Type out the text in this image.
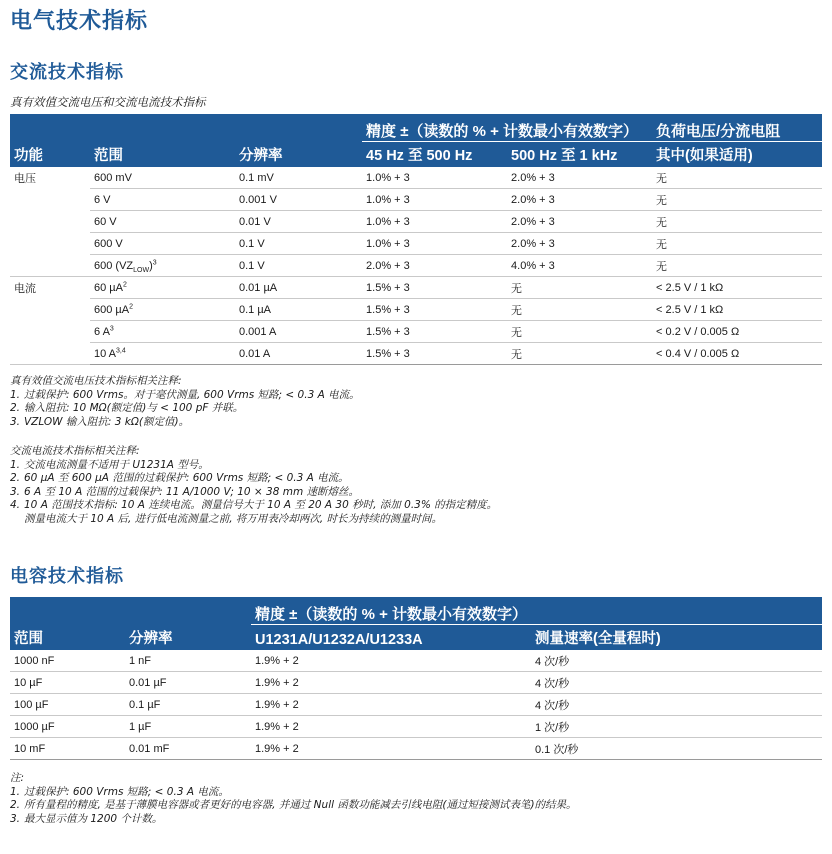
电气技术指标
交流技术指标
真有效值交流电压和交流电流技术指标
			精度 ±（读数的 % + 计数最小有效数字）		负荷电压/分流电阻
功能	范围	分辨率	45 Hz 至 500 Hz	500 Hz 至 1 kHz	其中(如果适用)
电压	600 mV	0.1 mV	1.0% + 3	2.0% + 3	无
	6 V	0.001 V	1.0% + 3	2.0% + 3	无
	60 V	0.01 V	1.0% + 3	2.0% + 3	无
	600 V	0.1 V	1.0% + 3	2.0% + 3	无
	600 $(VZ_{LOW})^3$	0.1 V	2.0% + 3	4.0% + 3	无
电流	60 µA$^2$	0.01 µA	1.5% + 3	无	< 2.5 V / 1 kΩ
	600 µA$^2$	0.1 µA	1.5% + 3	无	< 2.5 V / 1 kΩ
	6 $A^3$	0.001 A	1.5% + 3	无	< 0.2 V / 0.005 Ω
	10 A$^{3,4}$	0.01 A	1.5% + 3	无	< 0.4 V / 0.005 Ω
真有效值交流电压技术指标相关注释:
1. 过载保护: 600 Vrms。对于毫伏测量, 600 Vrms 短路; < 0.3 A 电流。
2. 输入阻抗: 10 MΩ(额定值)与 < 100 pF 并联。
3. VZLOW 输入阻抗: 3 kΩ(额定值)。
交流电流技术指标相关注释:
1. 交流电流测量不适用于 U1231A 型号。
2. 60 µA 至 600 µA 范围的过载保护: 600 Vrms 短路; < 0.3 A 电流。
3. 6 A 至 10 A 范围的过载保护: 11 A/1000 V; 10 × 38 mm 速断熔丝。
4. 10 A 范围技术指标: 10 A 连续电流。测量信号大于 10 A 至 20 A 30 秒时, 添加 0.3% 的指定精度。
测量电流大于 10 A 后, 进行低电流测量之前, 将万用表冷却两次, 时长为持续的测量时间。
电容技术指标
		精度 ±（读数的 % + 计数最小有效数字）	
范围	分辨率	U1231A/U1232A/U1233A	测量速率(全量程时)
1000 nF	1 nF	1.9% + 2	4 次/秒
10 µF	0.01 µF	1.9% + 2	4 次/秒
100 µF	0.1 µF	1.9% + 2	4 次/秒
1000 µF	1 µF	1.9% + 2	1 次/秒
10 mF	0.01 mF	1.9% + 2	0.1 次/秒
注:
1. 过载保护: 600 Vrms 短路; < 0.3 A 电流。
2. 所有量程的精度, 是基于薄膜电容器或者更好的电容器, 并通过 Null 函数功能减去引线电阻(通过短接测试表笔)的结果。
3. 最大显示值为 1200 个计数。
